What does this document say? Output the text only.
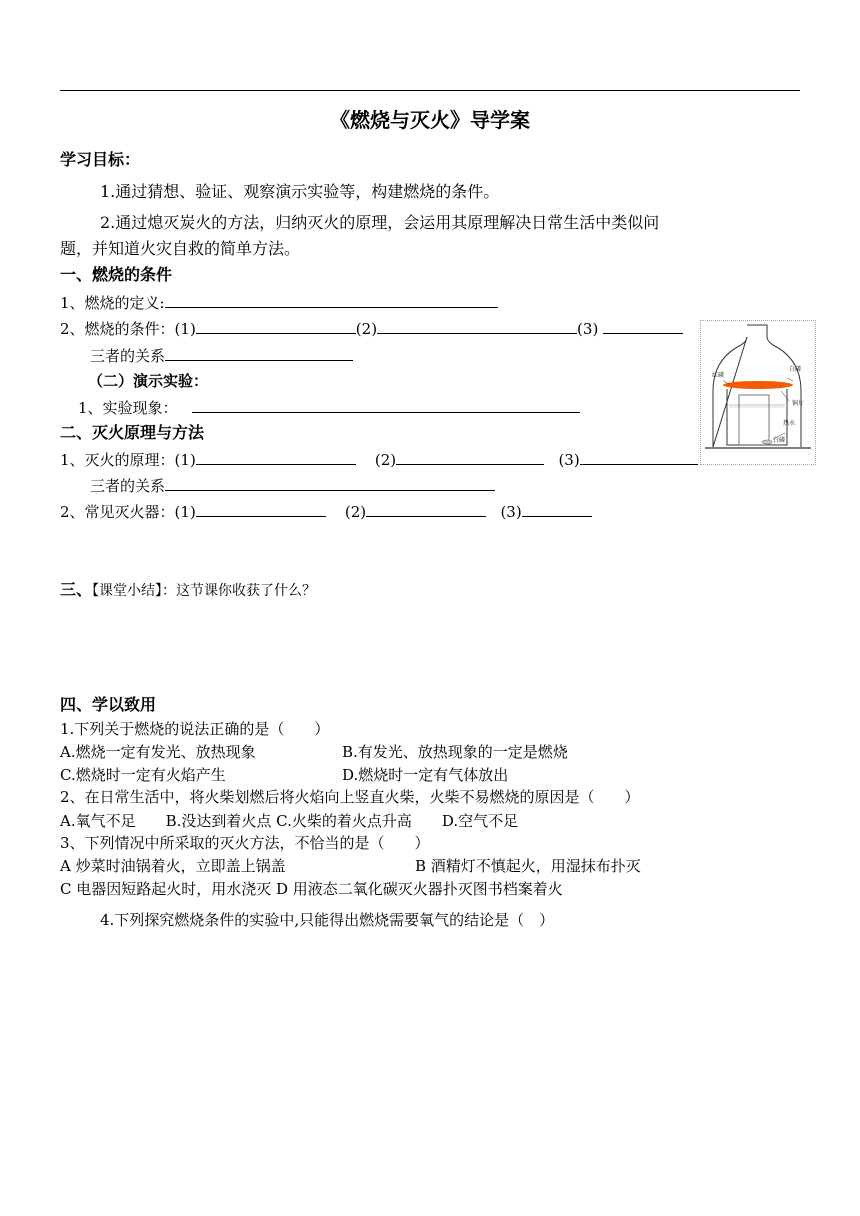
《燃烧与灭火》导学案
学习目标：
1.通过猜想、验证、观察演示实验等，构建燃烧的条件。
2.通过熄灭炭火的方法，归纳灭火的原理，会运用其原理解决日常生活中类似问
题，并知道火灾自救的简单方法。
一、燃烧的条件
1、燃烧的定义:
2、燃烧的条件：(1)	(2)	(3)
三者的关系
（二）演示实验：
1、实验现象：
二、灭火原理与方法
1、灭火的原理：(1)	(2)	(3)
三者的关系
2、常见灭火器：(1)	(2)	(3)
三、【课堂小结】：这节课你收获了什么？
四、学以致用
1.下列关于燃烧的说法正确的是（　　）
A.燃烧一定有发光、放热现象	B.有发光、放热现象的一定是燃烧
C.燃烧时一定有火焰产生	D.燃烧时一定有气体放出
2、在日常生活中，将火柴划燃后将火焰向上竖直火柴，火柴不易燃烧的原因是（　　）
A.氧气不足　　B.没达到着火点 C.火柴的着火点升高　　D.空气不足
3、下列情况中所采取的灭火方法，不恰当的是（　　）
A 炒菜时油锅着火，立即盖上锅盖	B 酒精灯不慎起火，用湿抹布扑灭
C 电器因短路起火时，用水浇灭 D 用液态二氧化碳灭火器扑灭图书档案着火
4.下列探究燃烧条件的实验中,只能得出燃烧需要氧气的结论是（　）
红磷
白磷
铜片
热水
白磷
